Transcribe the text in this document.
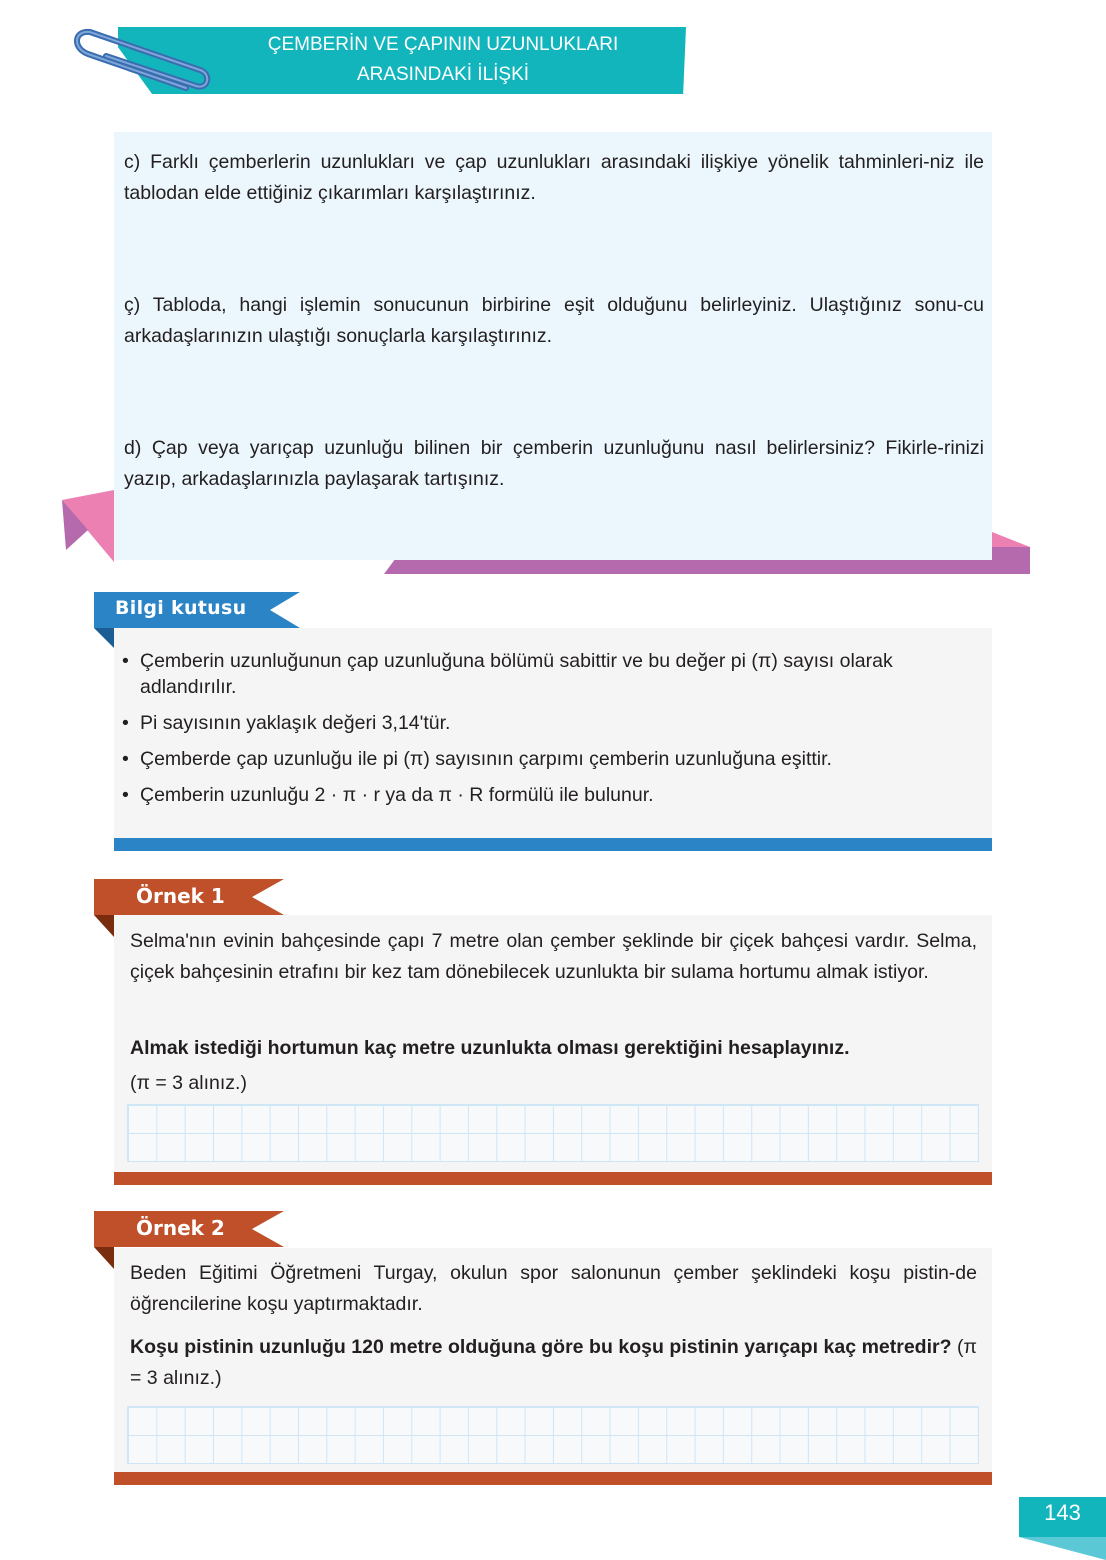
ÇEMBERİN VE ÇAPININ UZUNLUKLARI
ARASINDAKİ İLİŞKİ
c) Farklı çemberlerin uzunlukları ve çap uzunlukları arasındaki ilişkiye yönelik tahminleri-niz ile tablodan elde ettiğiniz çıkarımları karşılaştırınız.
ç) Tabloda, hangi işlemin sonucunun birbirine eşit olduğunu belirleyiniz. Ulaştığınız sonu-cu arkadaşlarınızın ulaştığı sonuçlarla karşılaştırınız.
d) Çap veya yarıçap uzunluğu bilinen bir çemberin uzunluğunu nasıl belirlersiniz? Fikirle-rinizi yazıp, arkadaşlarınızla paylaşarak tartışınız.
Bilgi kutusu
• Çemberin uzunluğunun çap uzunluğuna bölümü sabittir ve bu değer pi (π) sayısı olarak adlandırılır.
• Pi sayısının yaklaşık değeri 3,14'tür.
• Çemberde çap uzunluğu ile pi (π) sayısının çarpımı çemberin uzunluğuna eşittir.
• Çemberin uzunluğu 2 · π · r ya da π · R formülü ile bulunur.
Örnek 1
Selma'nın evinin bahçesinde çapı 7 metre olan çember şeklinde bir çiçek bahçesi vardır. Selma, çiçek bahçesinin etrafını bir kez tam dönebilecek uzunlukta bir sulama hortumu almak istiyor.
Almak istediği hortumun kaç metre uzunlukta olması gerektiğini hesaplayınız.
(π = 3 alınız.)
Örnek 2
Beden Eğitimi Öğretmeni Turgay, okulun spor salonunun çember şeklindeki koşu pistin-de öğrencilerine koşu yaptırmaktadır.
Koşu pistinin uzunluğu 120 metre olduğuna göre bu koşu pistinin yarıçapı kaç metredir? (π = 3 alınız.)
143
